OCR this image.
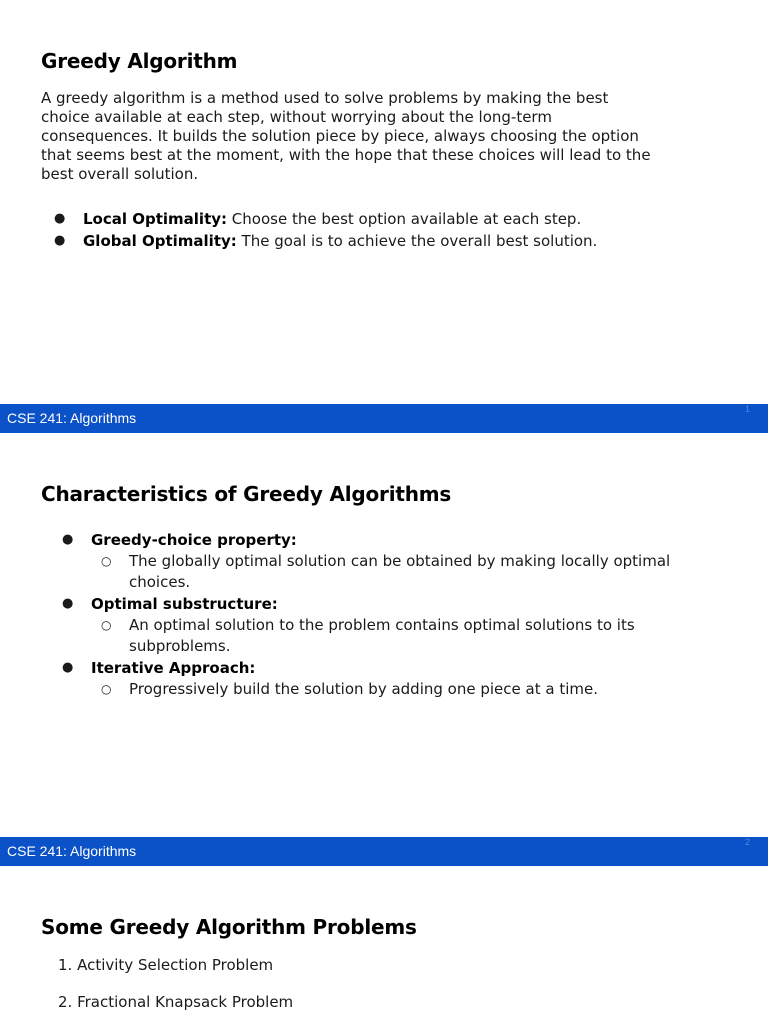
Greedy Algorithm

A greedy algorithm is a method used to solve problems by making the best
choice available at each step, without worrying about the long-term
consequences. It builds the solution piece by piece, always choosing the option
that seems best at the moment, with the hope that these choices will lead to the
best overall solution.

●	Local Optimality: Choose the best option available at each step.
●	Global Optimality: The goal is to achieve the overall best solution.
CSE 241: Algorithms
1
Characteristics of Greedy Algorithms
● Greedy-choice property:
○ The globally optimal solution can be obtained by making locally optimal
choices.
● Optimal substructure:
○ An optimal solution to the problem contains optimal solutions to its
subproblems.
● Iterative Approach:
○ Progressively build the solution by adding one piece at a time.
CSE 241: Algorithms
2
Some Greedy Algorithm Problems
1. Activity Selection Problem
2. Fractional Knapsack Problem
